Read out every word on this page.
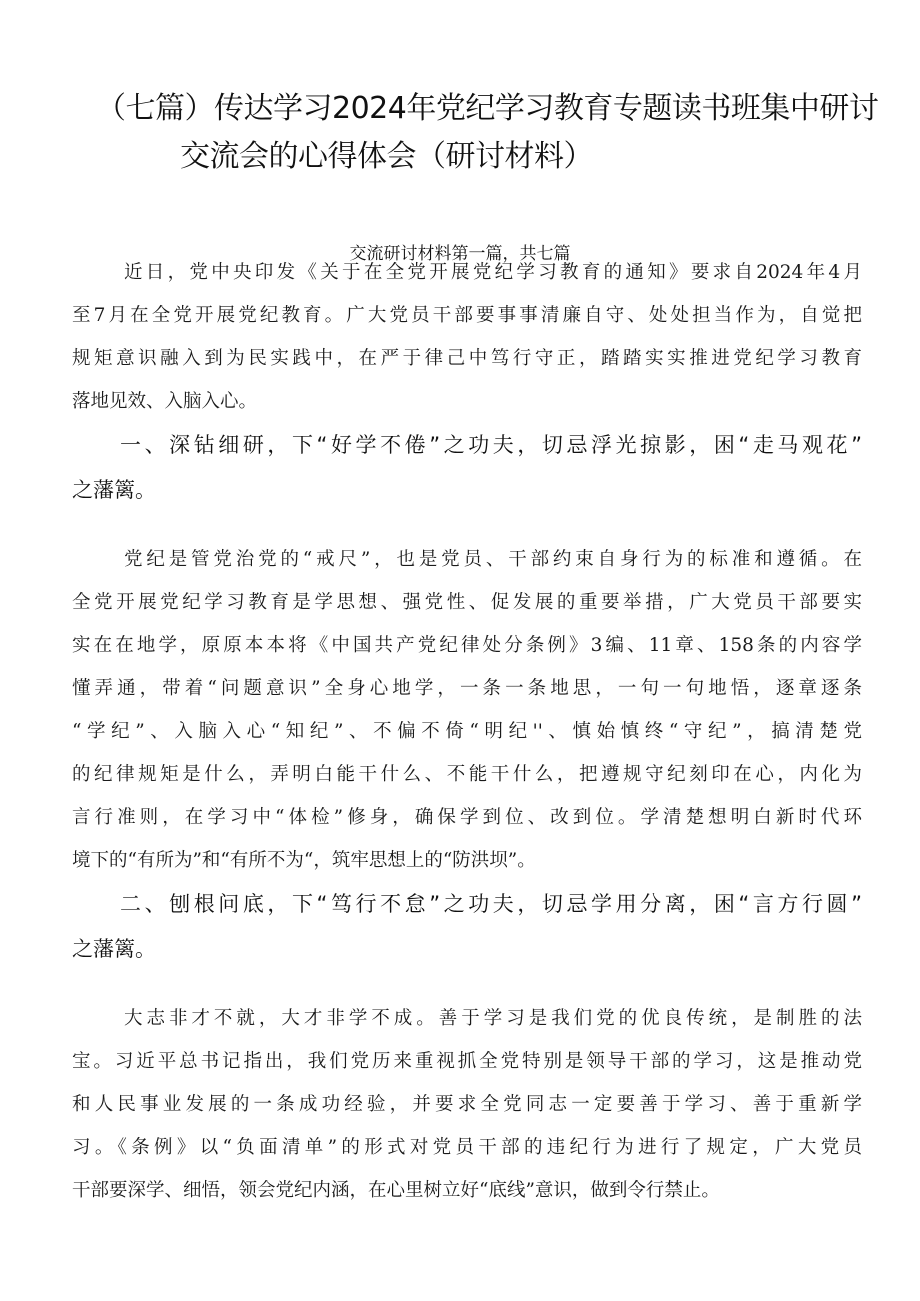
（七篇）传达学习2024年党纪学习教育专题读书班集中研讨
交流会的心得体会（研讨材料）
交流研讨材料第一篇，共七篇
近日，党中央印发《关于在全党开展党纪学习教育的通知》要求自2024年4月
至7月在全党开展党纪教育。广大党员干部要事事清廉自守、处处担当作为，自觉把
规矩意识融入到为民实践中，在严于律己中笃行守正，踏踏实实推进党纪学习教育
落地见效、入脑入心。
一、深钻细研，下“好学不倦”之功夫，切忌浮光掠影，困“走马观花”
之藩篱。
党纪是管党治党的“戒尺”，也是党员、干部约束自身行为的标准和遵循。在
全党开展党纪学习教育是学思想、强党性、促发展的重要举措，广大党员干部要实
实在在地学，原原本本将《中国共产党纪律处分条例》3编、11章、158条的内容学
懂弄通，带着“问题意识”全身心地学，一条一条地思，一句一句地悟，逐章逐条
“学纪”、入脑入心“知纪”、不偏不倚“明纪''、慎始慎终“守纪”，搞清楚党
的纪律规矩是什么，弄明白能干什么、不能干什么，把遵规守纪刻印在心，内化为
言行准则，在学习中“体检”修身，确保学到位、改到位。学清楚想明白新时代环
境下的“有所为”和“有所不为“，筑牢思想上的“防洪坝”。
二、刨根问底，下“笃行不怠”之功夫，切忌学用分离，困“言方行圆”
之藩篱。
大志非才不就，大才非学不成。善于学习是我们党的优良传统，是制胜的法
宝。习近平总书记指出，我们党历来重视抓全党特别是领导干部的学习，这是推动党
和人民事业发展的一条成功经验，并要求全党同志一定要善于学习、善于重新学
习。《条例》以“负面清单”的形式对党员干部的违纪行为进行了规定，广大党员
干部要深学、细悟，领会党纪内涵，在心里树立好“底线”意识，做到令行禁止。
